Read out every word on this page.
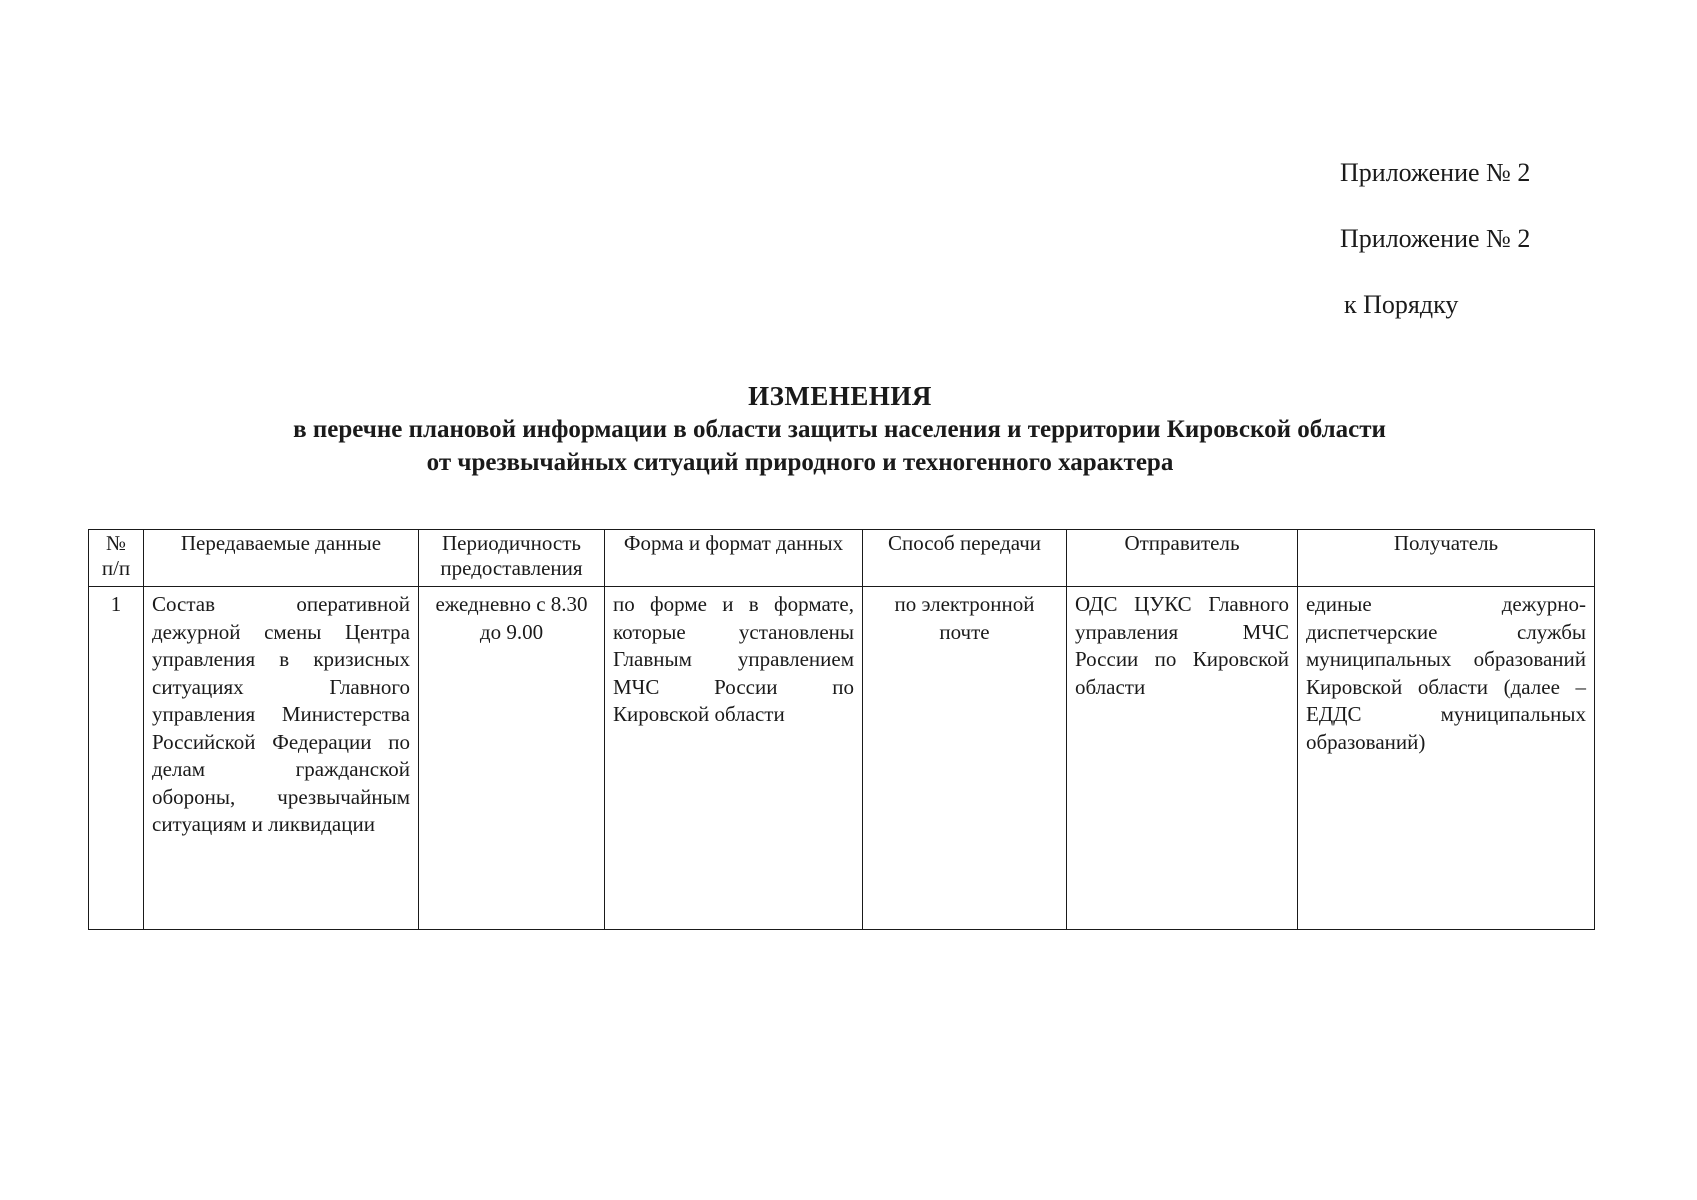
Приложение № 2
Приложение № 2
к Порядку
ИЗМЕНЕНИЯ
в перечне плановой информации в области защиты населения и территории Кировской области
от чрезвычайных ситуаций природного и техногенного характера
№ п/п	Передаваемые данные	Периодичность предоставления	Форма и формат данных	Способ передачи	Отправитель	Получатель
1	Состав оперативной дежурной смены Центра управления в кризисных ситуациях Главного управления Министерства Российской Федерации по делам гражданской обороны, чрезвычайным ситуациям и ликвидации	ежедневно с 8.30 до 9.00	по форме и в формате, которые установлены Главным управлением МЧС России по Кировской области	по электронной почте	ОДС ЦУКС Главного управления МЧС России по Кировской области	единые дежурно-диспетчерские службы муниципальных образований Кировской области (далее – ЕДДС муниципальных образований)
